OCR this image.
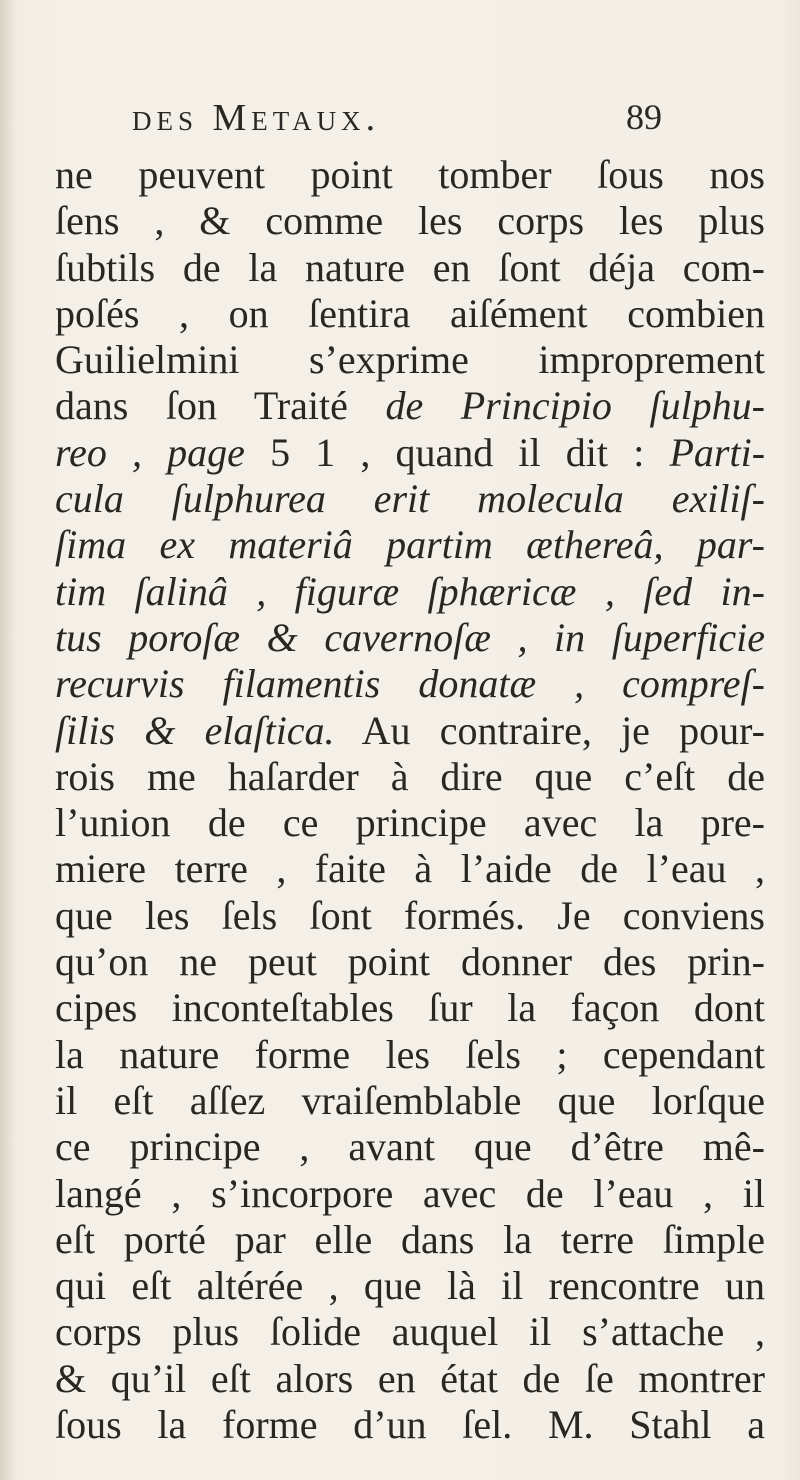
des Metaux.	89
ne peuvent point tomber ſous nos
ſens , & comme les corps les plus
ſubtils de la nature en ſont déja com-
poſés , on ſentira aiſément combien
Guilielmini s’exprime improprement
dans ſon Traité de Principio ſulphu-
reo , page 5 1 , quand il dit : Parti-
cula ſulphurea erit molecula exiliſ-
ſima ex materiâ partim æthereâ, par-
tim ſalinâ , figuræ ſphæricæ , ſed in-
tus poroſæ & cavernoſæ , in ſuperficie
recurvis filamentis donatæ , compreſ-
ſilis & elaſtica. Au contraire, je pour-
rois me haſarder à dire que c’eſt de
l’union de ce principe avec la pre-
miere terre , faite à l’aide de l’eau ,
que les ſels ſont formés. Je conviens
qu’on ne peut point donner des prin-
cipes inconteſtables ſur la façon dont
la nature forme les ſels ; cependant
il eſt aſſez vraiſemblable que lorſque
ce principe , avant que d’être mê-
langé , s’incorpore avec de l’eau , il
eſt porté par elle dans la terre ſimple
qui eſt altérée , que là il rencontre un
corps plus ſolide auquel il s’attache ,
& qu’il eſt alors en état de ſe montrer
ſous la forme d’un ſel. M. Stahl a
